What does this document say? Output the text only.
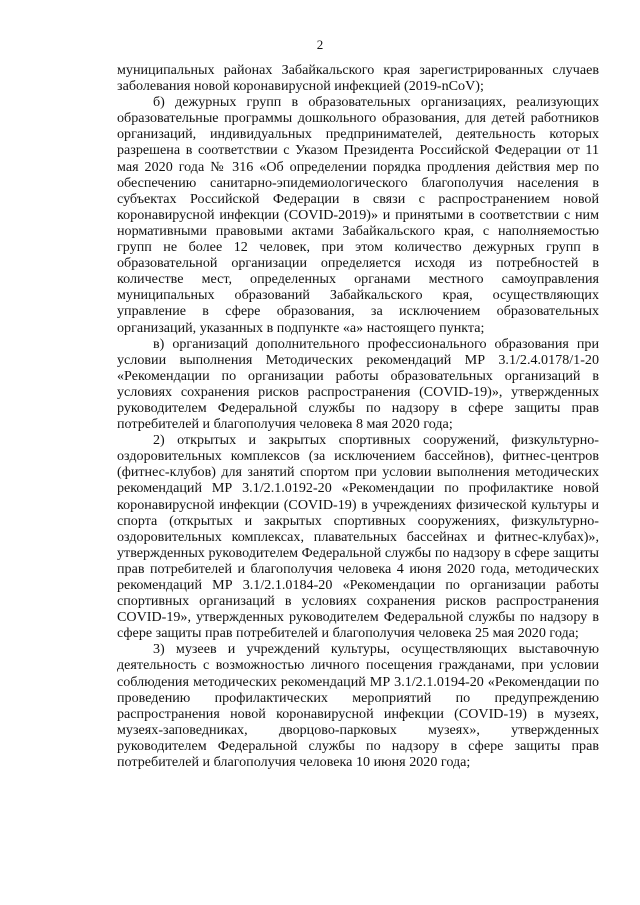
2

муниципальных районах Забайкальского края зарегистрированных случаев заболевания новой коронавирусной инфекцией (2019-nCoV);

б) дежурных групп в образовательных организациях, реализующих образовательные программы дошкольного образования, для детей работников организаций, индивидуальных предпринимателей, деятельность которых разрешена в соответствии с Указом Президента Российской Федерации от 11 мая 2020 года № 316 «Об определении порядка продления действия мер по обеспечению санитарно-эпидемиологического благополучия населения в субъектах Российской Федерации в связи с распространением новой коронавирусной инфекции (COVID-2019)» и принятыми в соответствии с ним нормативными правовыми актами Забайкальского края, с наполняемостью групп не более 12 человек, при этом количество дежурных групп в образовательной организации определяется исходя из потребностей в количестве мест, определенных органами местного самоуправления муниципальных образований Забайкальского края, осуществляющих управление в сфере образования, за исключением образовательных организаций, указанных в подпункте «а» настоящего пункта;

в) организаций дополнительного профессионального образования при условии выполнения Методических рекомендаций МР 3.1/2.4.0178/1-20 «Рекомендации по организации работы образовательных организаций в условиях сохранения рисков распространения (COVID-19)», утвержденных руководителем Федеральной службы по надзору в сфере защиты прав потребителей и благополучия человека 8 мая 2020 года;

2) открытых и закрытых спортивных сооружений, физкультурно-оздоровительных комплексов (за исключением бассейнов), фитнес-центров (фитнес-клубов) для занятий спортом при условии выполнения методических рекомендаций МР 3.1/2.1.0192-20 «Рекомендации по профилактике новой коронавирусной инфекции (COVID-19) в учреждениях физической культуры и спорта (открытых и закрытых спортивных сооружениях, физкультурно-оздоровительных комплексах, плавательных бассейнах и фитнес-клубах)», утвержденных руководителем Федеральной службы по надзору в сфере защиты прав потребителей и благополучия человека 4 июня 2020 года, методических рекомендаций МР 3.1/2.1.0184-20 «Рекомендации по организации работы спортивных организаций в условиях сохранения рисков распространения COVID-19», утвержденных руководителем Федеральной службы по надзору в сфере защиты прав потребителей и благополучия человека 25 мая 2020 года;

3) музеев и учреждений культуры, осуществляющих выставочную деятельность с возможностью личного посещения гражданами, при условии соблюдения методических рекомендаций МР 3.1/2.1.0194-20 «Рекомендации по проведению профилактических мероприятий по предупреждению распространения новой коронавирусной инфекции (COVID-19) в музеях, музеях-заповедниках, дворцово-парковых музеях», утвержденных руководителем Федеральной службы по надзору в сфере защиты прав потребителей и благополучия человека 10 июня 2020 года;
